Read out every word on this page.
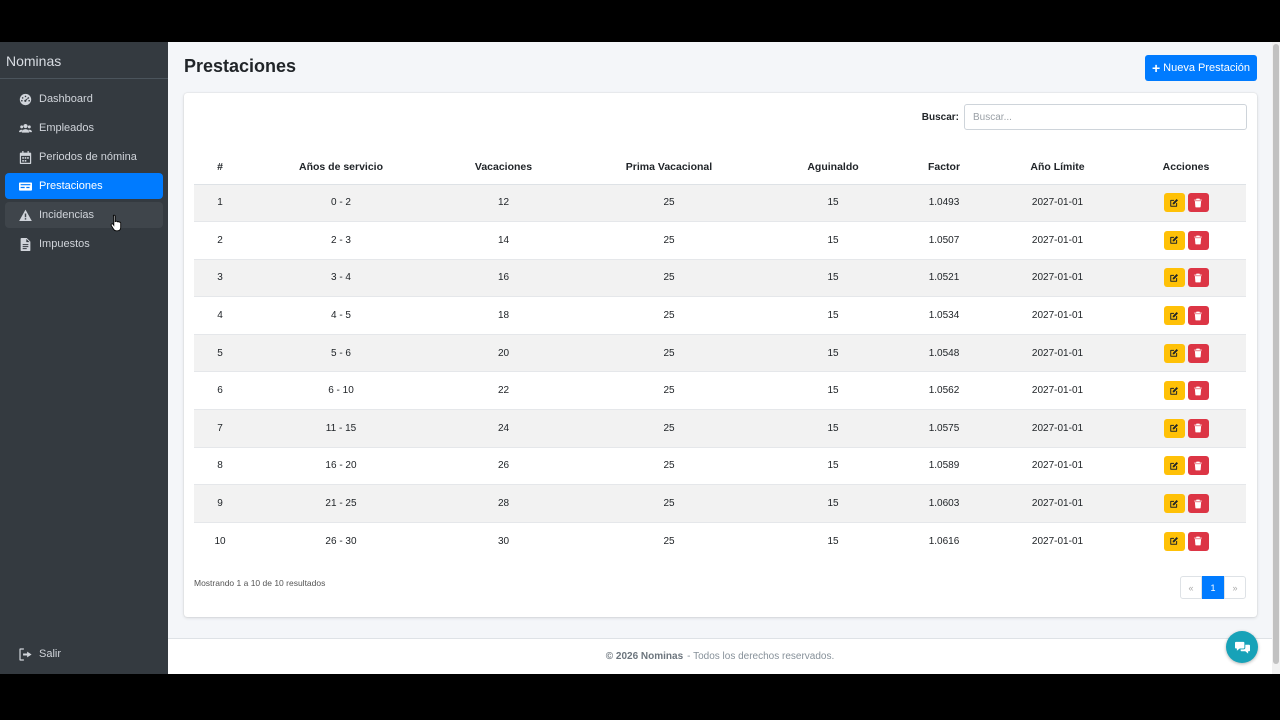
Nominas
Dashboard
Empleados
Periodos de nómina
Prestaciones
Incidencias
Impuestos
Salir
Prestaciones	+ Nueva Prestación
Buscar:
Buscar...
#	Años de servicio	Vacaciones	Prima Vacacional	Aguinaldo	Factor	Año Límite	Acciones
1	0 - 2	12	25	15	1.0493	2027-01-01	

2	2 - 3	14	25	15	1.0507	2027-01-01	

3	3 - 4	16	25	15	1.0521	2027-01-01	

4	4 - 5	18	25	15	1.0534	2027-01-01	

5	5 - 6	20	25	15	1.0548	2027-01-01	

6	6 - 10	22	25	15	1.0562	2027-01-01	

7	11 - 15	24	25	15	1.0575	2027-01-01	

8	16 - 20	26	25	15	1.0589	2027-01-01	

9	21 - 25	28	25	15	1.0603	2027-01-01	

10	26 - 30	30	25	15	1.0616	2027-01-01	
Mostrando 1 a 10 de 10 resultados	«	1	»
© 2026 Nominas - Todos los derechos reservados.
